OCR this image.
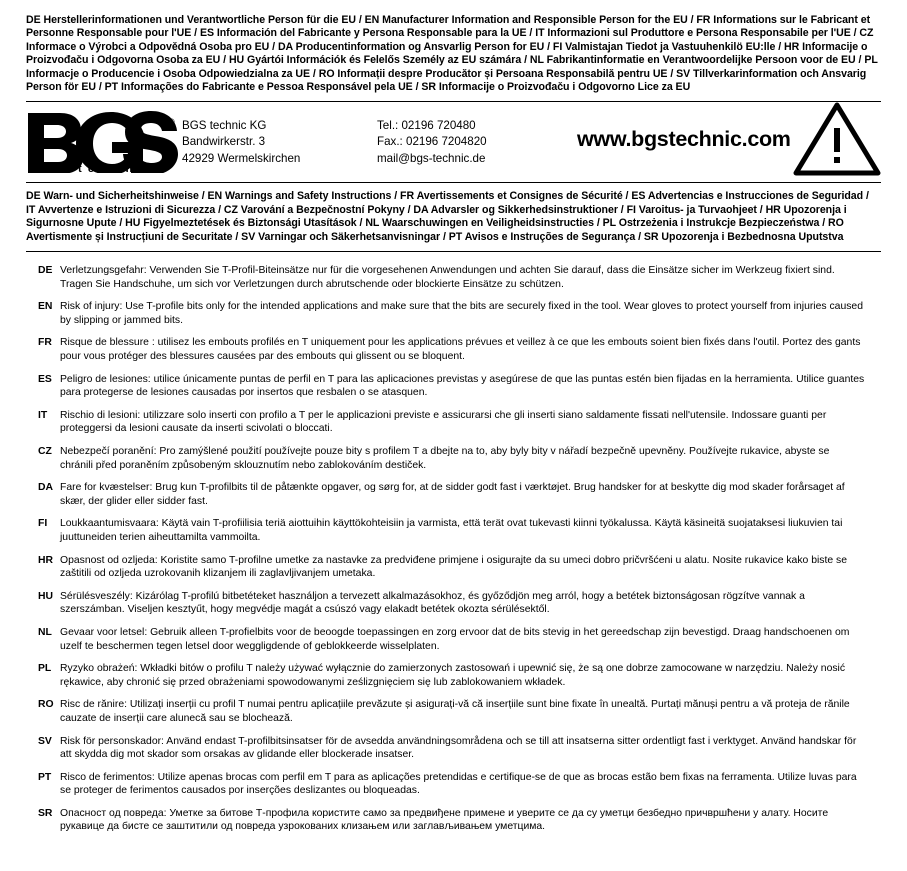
DE Herstellerinformationen und Verantwortliche Person für die EU / EN Manufacturer Information and Responsible Person for the EU / FR Informations sur le Fabricant et Personne Responsable pour l'UE / ES Información del Fabricante y Persona Responsable para la UE / IT Informazioni sul Produttore e Persona Responsabile per l'UE / CZ Informace o Výrobci a Odpovědná Osoba pro EU / DA Producentinformation og Ansvarlig Person for EU / FI Valmistajan Tiedot ja Vastuuhenkilö EU:lle / HR Informacije o Proizvođaču i Odgovorna Osoba za EU / HU Gyártói Információk és Felelős Személy az EU számára / NL Fabrikantinformatie en Verantwoordelijke Persoon voor de EU / PL Informacje o Producencie i Osoba Odpowiedzialna za UE / RO Informații despre Producător și Persoana Responsabilă pentru UE / SV Tillverkarinformation och Ansvarig Person för EU / PT Informações do Fabricante e Pessoa Responsável pela UE / SR Informacije o Proizvođaču i Odgovorno Lice za EU
t e c h n i c
® BGS technic KG
Bandwirkerstr. 3
42929 Wermelskirchen
Tel.: 02196 720480
Fax.: 02196 7204820
mail@bgs-technic.de
www.bgstechnic.com
DE Warn- und Sicherheitshinweise / EN Warnings and Safety Instructions / FR Avertissements et Consignes de Sécurité / ES Advertencias e Instrucciones de Seguridad / IT Avvertenze e Istruzioni di Sicurezza / CZ Varování a Bezpečnostní Pokyny / DA Advarsler og Sikkerhedsinstruktioner / FI Varoitus- ja Turvaohjeet / HR Upozorenja i Sigurnosne Upute / HU Figyelmeztetések és Biztonsági Utasítások / NL Waarschuwingen en Veiligheidsinstructies / PL Ostrzeżenia i Instrukcje Bezpieczeństwa / RO Avertismente și Instrucțiuni de Securitate / SV Varningar och Säkerhetsanvisningar / PT Avisos e Instruções de Segurança / SR Upozorenja i Bezbednosna Uputstva
DE Verletzungsgefahr: Verwenden Sie T-Profil-Biteinsätze nur für die vorgesehenen Anwendungen und achten Sie darauf, dass die Einsätze sicher im Werkzeug fixiert sind. Tragen Sie Handschuhe, um sich vor Verletzungen durch abrutschende oder blockierte Einsätze zu schützen.
EN Risk of injury: Use T-profile bits only for the intended applications and make sure that the bits are securely fixed in the tool. Wear gloves to protect yourself from injuries caused by slipping or jammed bits.
FR Risque de blessure : utilisez les embouts profilés en T uniquement pour les applications prévues et veillez à ce que les embouts soient bien fixés dans l'outil. Portez des gants pour vous protéger des blessures causées par des embouts qui glissent ou se bloquent.
ES Peligro de lesiones: utilice únicamente puntas de perfil en T para las aplicaciones previstas y asegúrese de que las puntas estén bien fijadas en la herramienta. Utilice guantes para protegerse de lesiones causadas por insertos que resbalen o se atasquen.
IT	Rischio di lesioni: utilizzare solo inserti con profilo a T per le applicazioni previste e assicurarsi che gli inserti siano saldamente fissati nell'utensile. Indossare guanti per proteggersi da lesioni causate da inserti scivolati o bloccati.
CZ Nebezpečí poranění: Pro zamýšlené použití používejte pouze bity s profilem T a dbejte na to, aby byly bity v nářadí bezpečně upevněny. Používejte rukavice, abyste se chránili před poraněním způsobeným sklouznutím nebo zablokováním destiček.
DA Fare for kvæstelser: Brug kun T-profilbits til de påtænkte opgaver, og sørg for, at de sidder godt fast i værktøjet. Brug handsker for at beskytte dig mod skader forårsaget af skær, der glider eller sidder fast.
FI	Loukkaantumisvaara: Käytä vain T-profiilisia teriä aiottuihin käyttökohteisiin ja varmista, että terät ovat tukevasti kiinni työkalussa. Käytä käsineitä suojataksesi liukuvien tai juuttuneiden terien aiheuttamilta vammoilta.
HR Opasnost od ozljeda: Koristite samo T-profilne umetke za nastavke za predviđene primjene i osigurajte da su umeci dobro pričvršćeni u alatu. Nosite rukavice kako biste se zaštitili od ozljeda uzrokovanih klizanjem ili zaglavljivanjem umetaka.
HU Sérülésveszély: Kizárólag T-profilú bitbetéteket használjon a tervezett alkalmazásokhoz, és győződjön meg arról, hogy a betétek biztonságosan rögzítve vannak a szerszámban. Viseljen kesztyűt, hogy megvédje magát a csúszó vagy elakadt betétek okozta sérülésektől.
NL Gevaar voor letsel: Gebruik alleen T-profielbits voor de beoogde toepassingen en zorg ervoor dat de bits stevig in het gereedschap zijn bevestigd. Draag handschoenen om uzelf te beschermen tegen letsel door weggligdende of geblokkeerde wisselplaten.
PL Ryzyko obrażeń: Wkładki bitów o profilu T należy używać wyłącznie do zamierzonych zastosowań i upewnić się, że są one dobrze zamocowane w narzędziu. Należy nosić rękawice, aby chronić się przed obrażeniami spowodowanymi ześlizgnięciem się lub zablokowaniem wkładek.
RO Risc de rănire: Utilizați inserții cu profil T numai pentru aplicațiile prevăzute și asigurați-vă că inserțiile sunt bine fixate în unealtă. Purtați mănuși pentru a vă proteja de rănile cauzate de inserții care alunecă sau se blochează.
SV Risk för personskador: Använd endast T-profilbitsinsatser för de avsedda användningsområdena och se till att insatserna sitter ordentligt fast i verktyget. Använd handskar för att skydda dig mot skador som orsakas av glidande eller blockerade insatser.
PT Risco de ferimentos: Utilize apenas brocas com perfil em T para as aplicações pretendidas e certifique-se de que as brocas estão bem fixas na ferramenta. Utilize luvas para se proteger de ferimentos causados por inserções deslizantes ou bloqueadas.
SR Опасност од повреда: Уметке за битове Т-профила користите само за предвиђене примене и уверите се да су уметци безбедно причвршћени у алату. Носите рукавице да бисте се заштитили од повреда узрокованих клизањем или заглављивањем уметцима.
